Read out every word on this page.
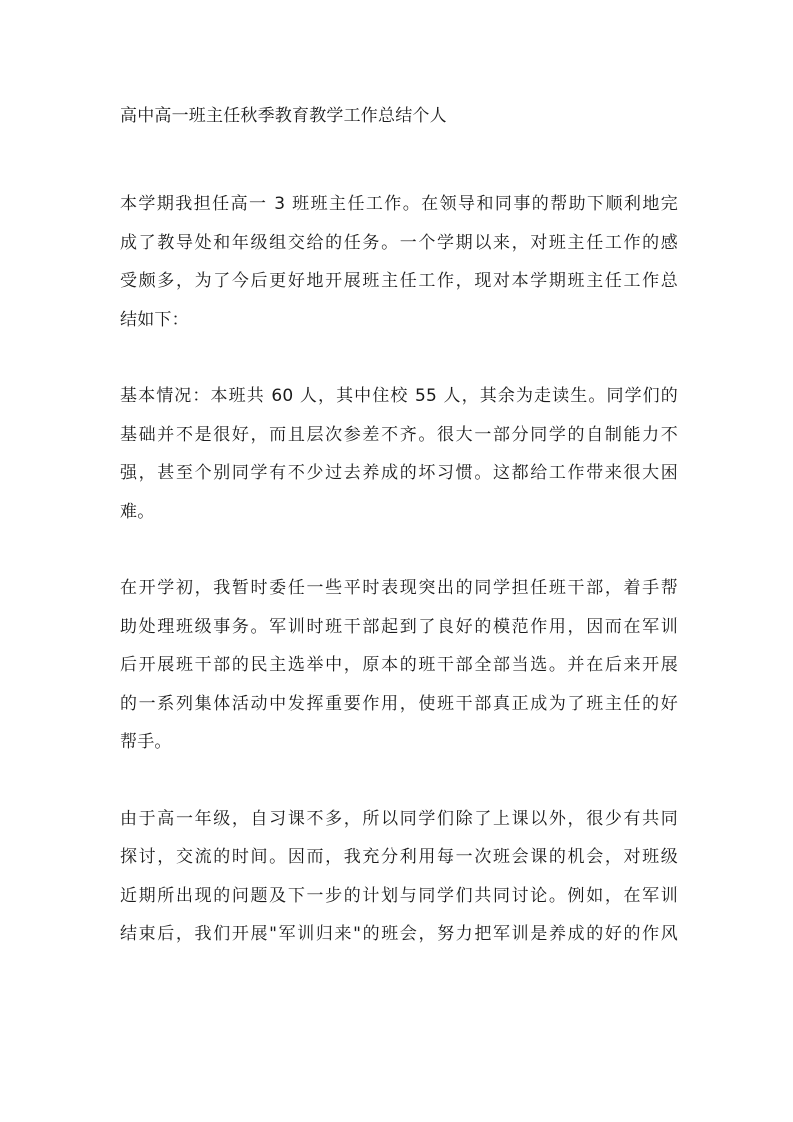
高中高一班主任秋季教育教学工作总结个人

本学期我担任高一 3 班班主任工作。在领导和同事的帮助下顺利地完
成了教导处和年级组交给的任务。一个学期以来，对班主任工作的感
受颇多，为了今后更好地开展班主任工作，现对本学期班主任工作总
结如下：

基本情况：本班共 60 人，其中住校 55 人，其余为走读生。同学们的
基础并不是很好，而且层次参差不齐。很大一部分同学的自制能力不
强，甚至个别同学有不少过去养成的坏习惯。这都给工作带来很大困
难。

在开学初，我暂时委任一些平时表现突出的同学担任班干部，着手帮
助处理班级事务。军训时班干部起到了良好的模范作用，因而在军训
后开展班干部的民主选举中，原本的班干部全部当选。并在后来开展
的一系列集体活动中发挥重要作用，使班干部真正成为了班主任的好
帮手。

由于高一年级，自习课不多，所以同学们除了上课以外，很少有共同
探讨，交流的时间。因而，我充分利用每一次班会课的机会，对班级
近期所出现的问题及下一步的计划与同学们共同讨论。例如，在军训
结束后，我们开展"军训归来"的班会，努力把军训是养成的好的作风
